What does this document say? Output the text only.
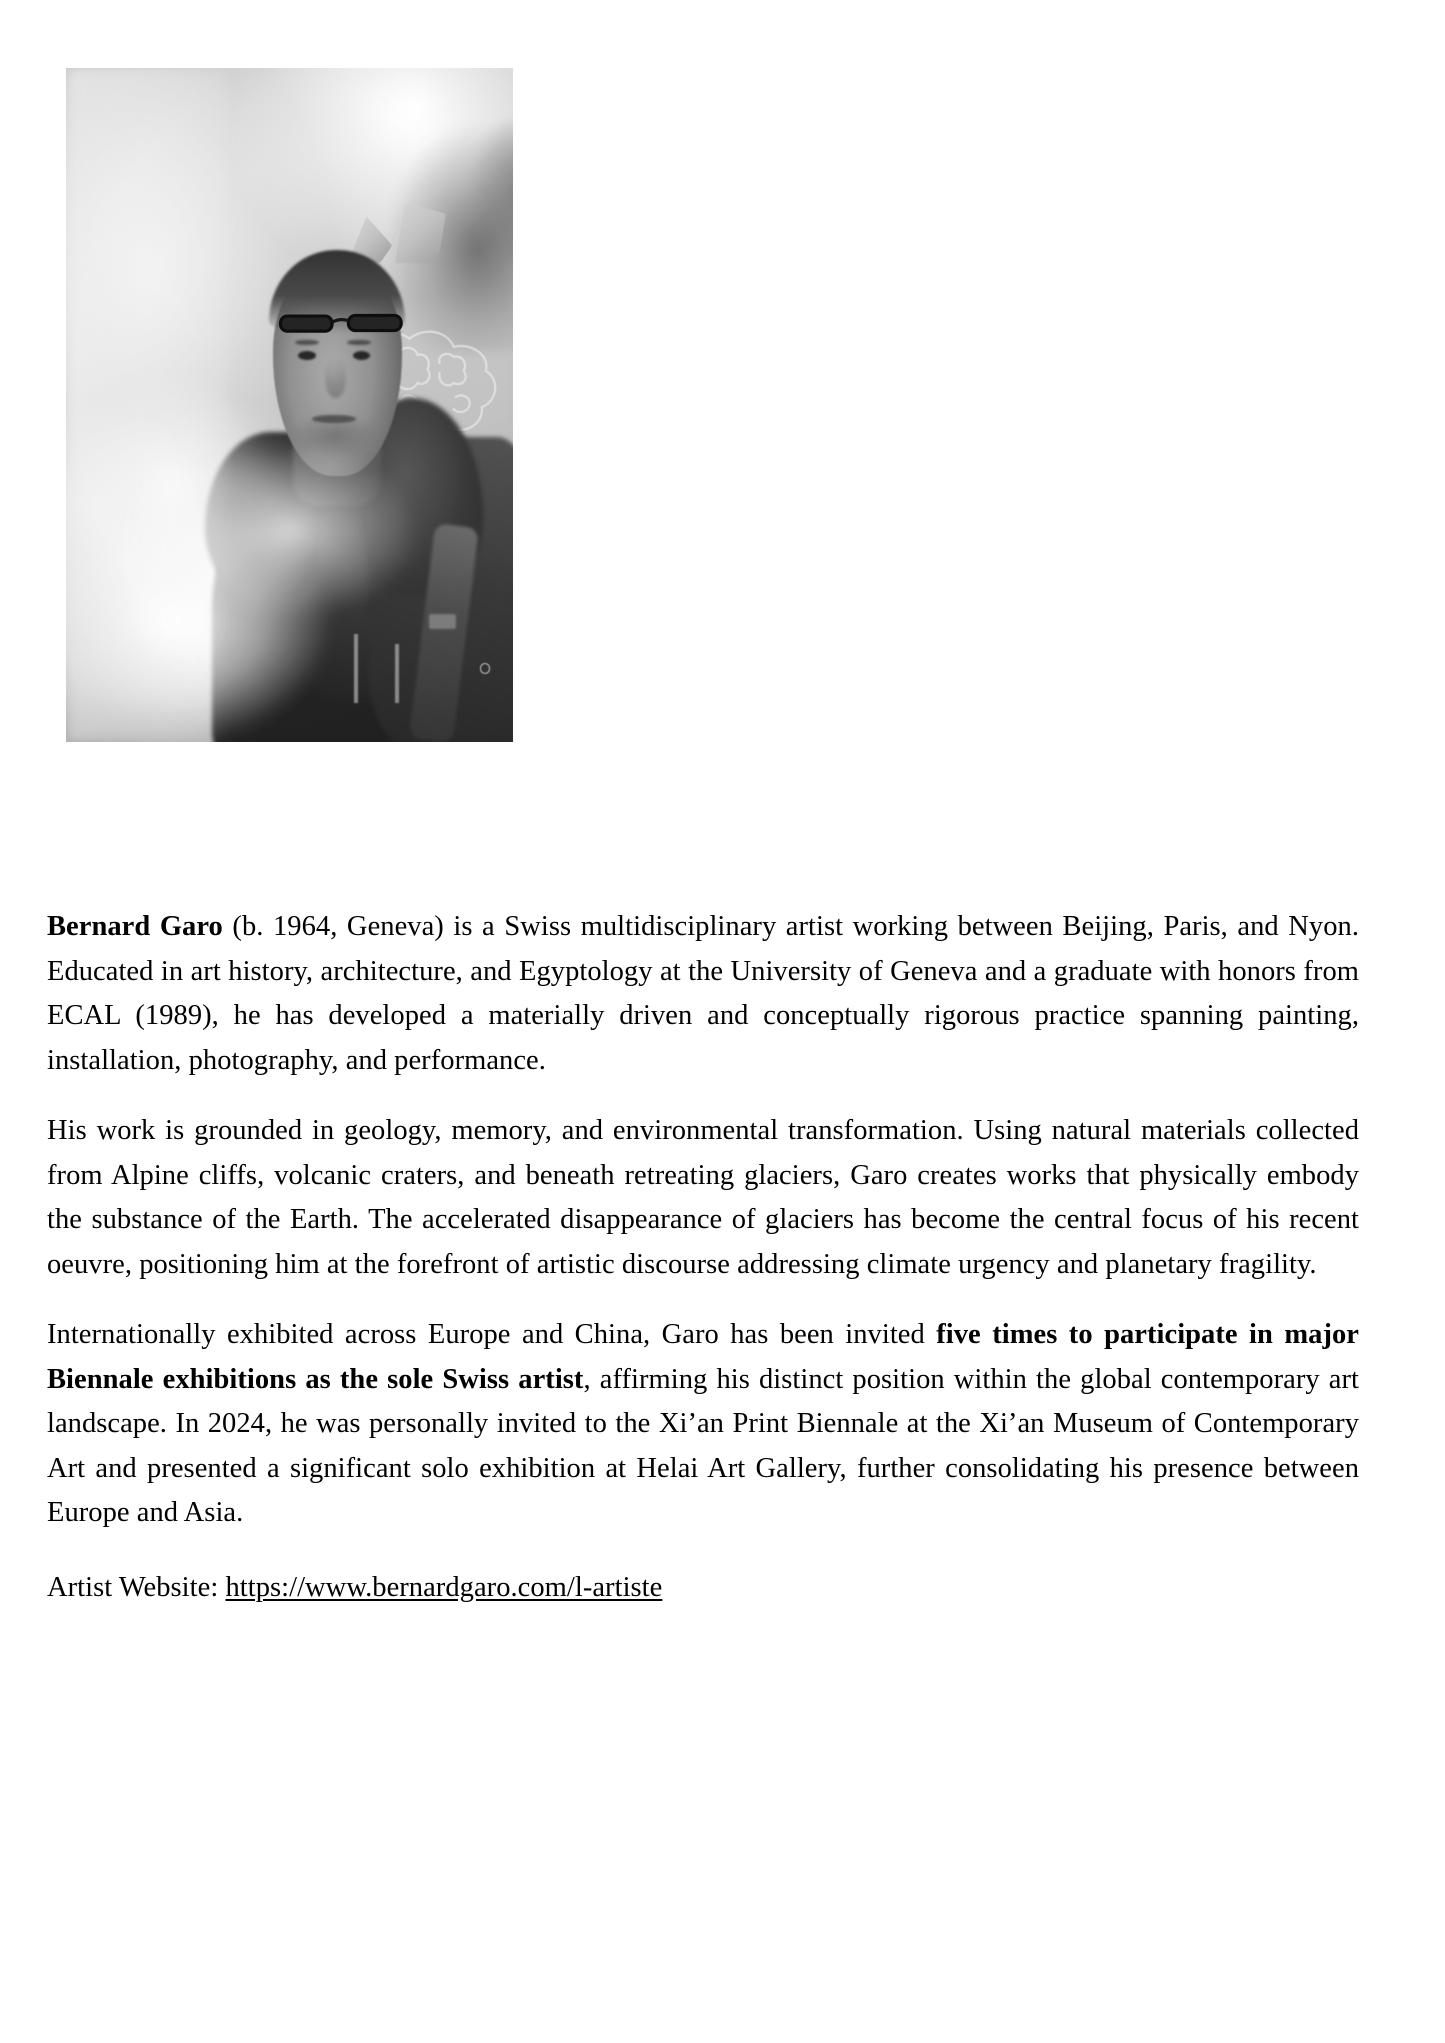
Bernard Garo (b. 1964, Geneva) is a Swiss multidisciplinary artist working between Beijing, Paris, and Nyon. Educated in art history, architecture, and Egyptology at the University of Geneva and a graduate with honors from ECAL (1989), he has developed a materially driven and conceptually rigorous practice spanning painting, installation, photography, and performance.

His work is grounded in geology, memory, and environmental transformation. Using natural materials collected from Alpine cliffs, volcanic craters, and beneath retreating glaciers, Garo creates works that physically embody the substance of the Earth. The accelerated disappearance of glaciers has become the central focus of his recent oeuvre, positioning him at the forefront of artistic discourse addressing climate urgency and planetary fragility.

Internationally exhibited across Europe and China, Garo has been invited five times to participate in major Biennale exhibitions as the sole Swiss artist, affirming his distinct position within the global contemporary art landscape. In 2024, he was personally invited to the Xi’an Print Biennale at the Xi’an Museum of Contemporary Art and presented a significant solo exhibition at Helai Art Gallery, further consolidating his presence between Europe and Asia.

Artist Website: https://www.bernardgaro.com/l-artiste
